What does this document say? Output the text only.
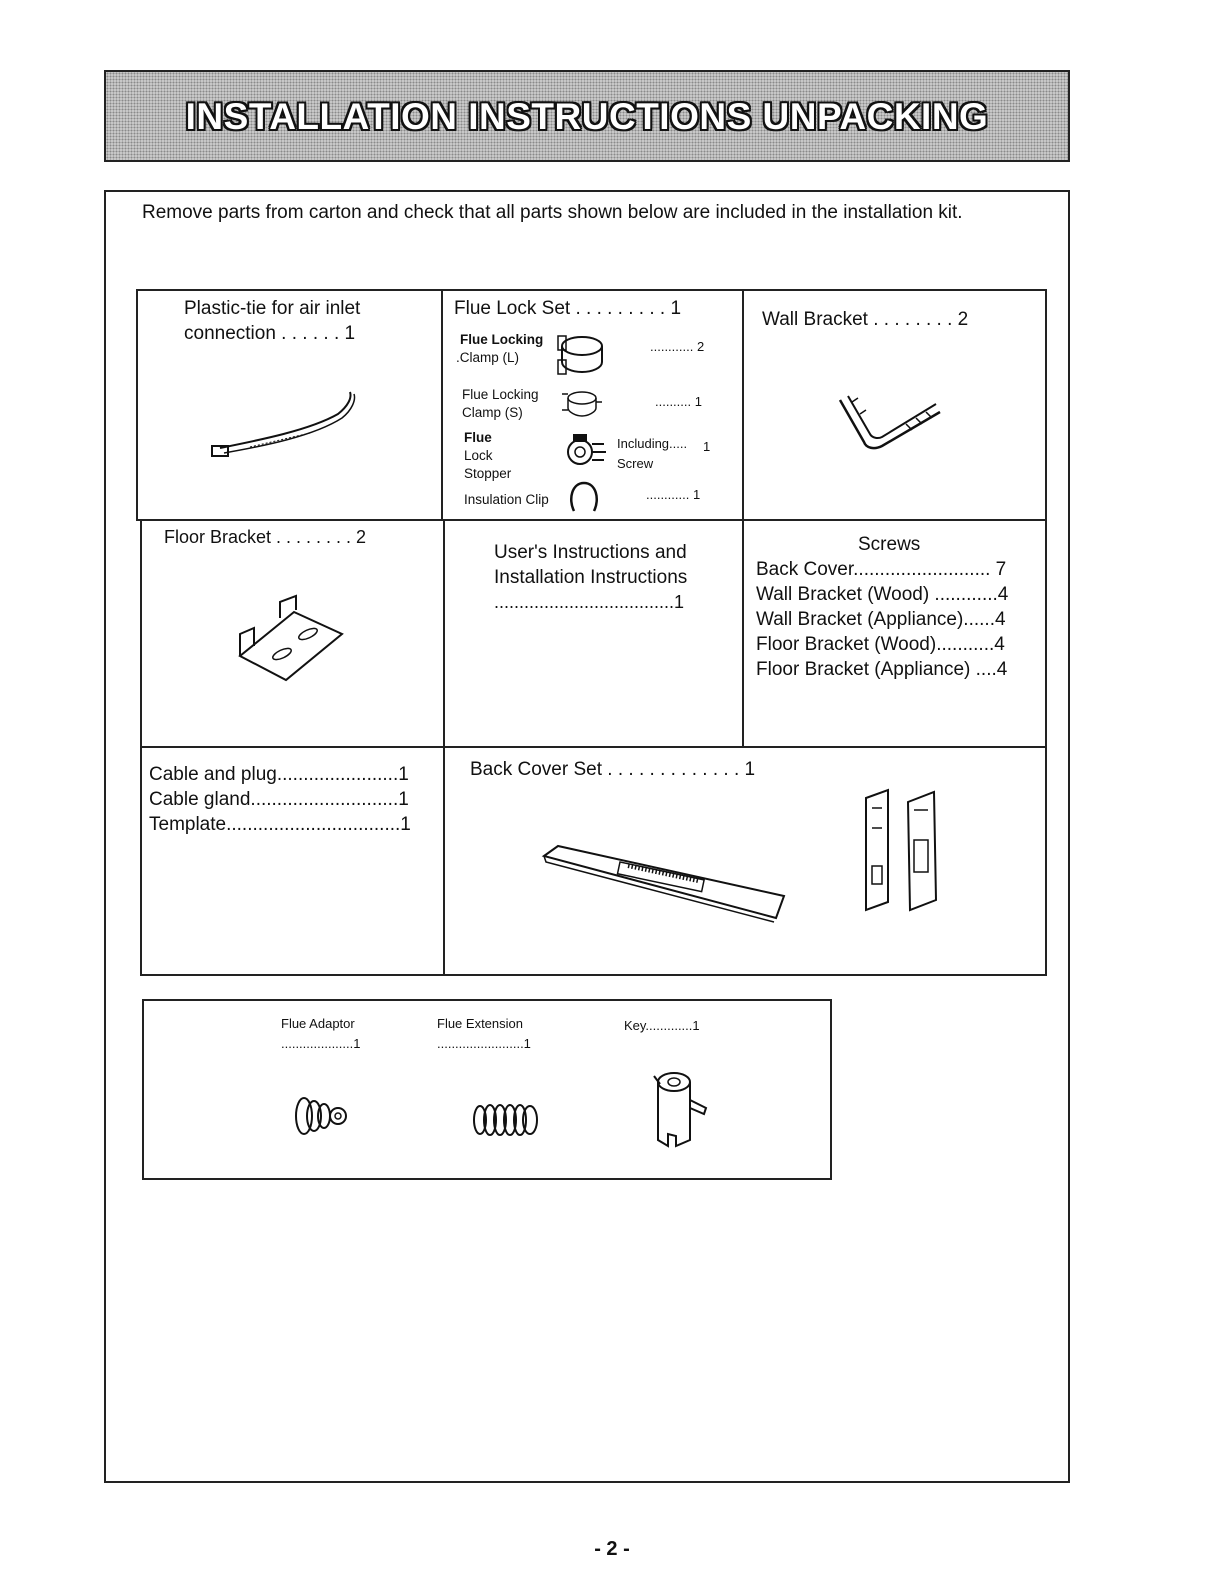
INSTALLATION INSTRUCTIONS UNPACKING
Remove parts from carton and check that all parts shown below are included in the installation kit.
Plastic-tie for air inlet
connection . . . . . . 1
Flue Lock Set . . . . . . . . . 1
Flue Locking
.Clamp (L)
............ 2
Flue Locking
Clamp (S)
.......... 1
Flue
Lock
Stopper
Including.....
Screw
1
Insulation Clip	............ 1
Wall Bracket . . . . . . . . 2
Floor Bracket . . . . . . . . 2
User's Instructions and
Installation Instructions
....................................1
Screws
Back Cover.......................... 7
Wall Bracket (Wood) ............4
Wall Bracket (Appliance)......4
Floor Bracket (Wood)...........4
Floor Bracket (Appliance) ....4
Cable and plug.......................1
Cable gland............................1
Template.................................1
Back Cover Set . . . . . . . . . . . . . 1
Flue Adaptor
....................1
Flue Extension
........................1
Key.............1
- 2 -
